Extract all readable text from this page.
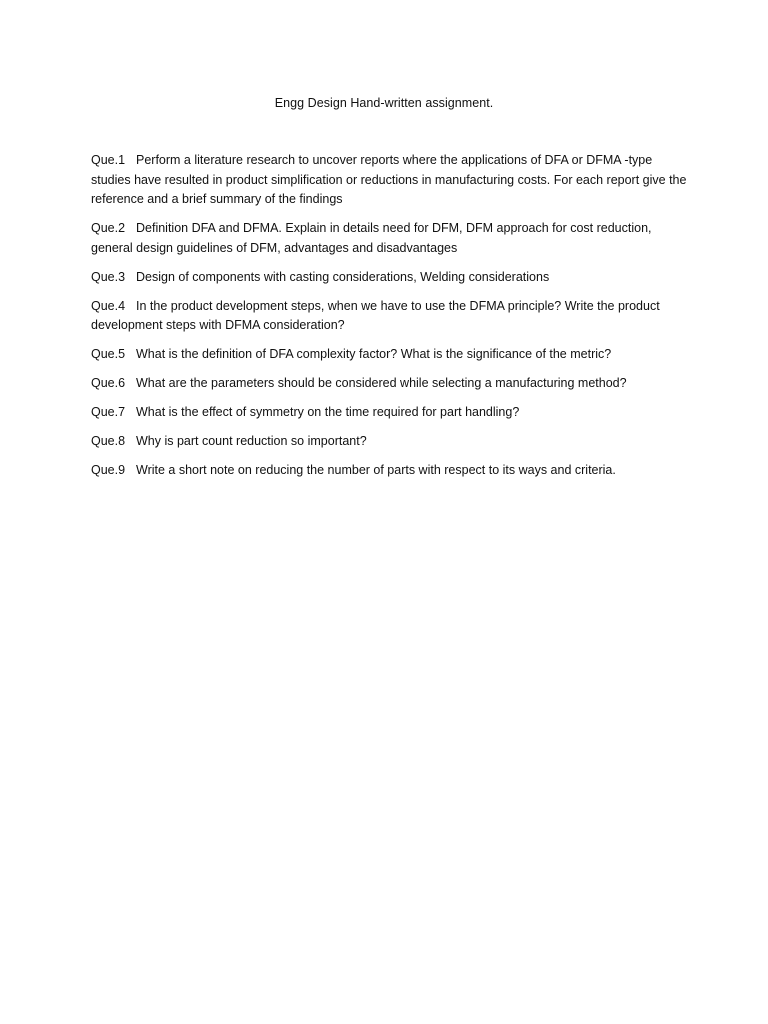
Engg Design Hand-written assignment.
Que.1 Perform a literature research to uncover reports where the applications of DFA or DFMA -type studies have resulted in product simplification or reductions in manufacturing costs. For each report give the reference and a brief summary of the findings
Que.2 Definition DFA and DFMA. Explain in details need for DFM, DFM approach for cost reduction, general design guidelines of DFM, advantages and disadvantages
Que.3 Design of components with casting considerations, Welding considerations
Que.4 In the product development steps, when we have to use the DFMA principle? Write the product development steps with DFMA consideration?
Que.5 What is the definition of DFA complexity factor? What is the significance of the metric?
Que.6 What are the parameters should be considered while selecting a manufacturing method?
Que.7 What is the effect of symmetry on the time required for part handling?
Que.8 Why is part count reduction so important?
Que.9 Write a short note on reducing the number of parts with respect to its ways and criteria.
